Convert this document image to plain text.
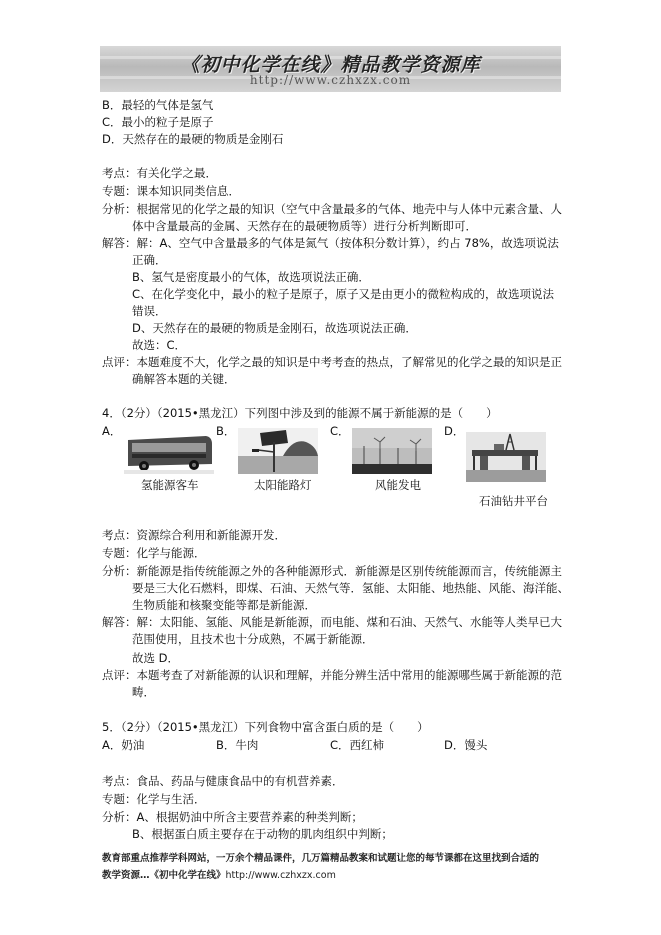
《初中化学在线》精品教学资源库
http://www.czhxzx.com
B．最轻的气体是氢气
C．最小的粒子是原子
D．天然存在的最硬的物质是金刚石
考点：有关化学之最．
专题：课本知识同类信息．
分析：根据常见的化学之最的知识（空气中含量最多的气体、地壳中与人体中元素含量、人
体中含量最高的金属、天然存在的最硬物质等）进行分析判断即可．
解答：解：A、空气中含量最多的气体是氮气（按体积分数计算），约占 78%，故选项说法
正确．
B、氢气是密度最小的气体，故选项说法正确．
C、在化学变化中，最小的粒子是原子，原子又是由更小的微粒构成的，故选项说法
错误．
D、天然存在的最硬的物质是金刚石，故选项说法正确．
故选：C．
点评：本题难度不大，化学之最的知识是中考考查的热点，了解常见的化学之最的知识是正
确解答本题的关键．
4．（2分）（2015•黑龙江）下列图中涉及到的能源不属于新能源的是（　　）
A．	B．	C．	D．
氢能源客车	太阳能路灯	风能发电
石油钻井平台
考点：资源综合利用和新能源开发．
专题：化学与能源．
分析：新能源是指传统能源之外的各种能源形式．新能源是区别传统能源而言，传统能源主
要是三大化石燃料，即煤、石油、天然气等．氢能、太阳能、地热能、风能、海洋能、
生物质能和核聚变能等都是新能源．
解答：解：太阳能、氢能、风能是新能源，而电能、煤和石油、天然气、水能等人类早已大
范围使用，且技术也十分成熟，不属于新能源．
故选 D．
点评：本题考查了对新能源的认识和理解，并能分辨生活中常用的能源哪些属于新能源的范
畴．
5．（2分）（2015•黑龙江）下列食物中富含蛋白质的是（　　）
A．奶油	B．牛肉	C．西红柿	D．馒头
考点：食品、药品与健康食品中的有机营养素．
专题：化学与生活．
分析：A、根据奶油中所含主要营养素的种类判断；
B、根据蛋白质主要存在于动物的肌肉组织中判断；
教育部重点推荐学科网站，一万余个精品课件，几万篇精品教案和试题让您的每节课都在这里找到合适的
教学资源…《初中化学在线》http://www.czhxzx.com
